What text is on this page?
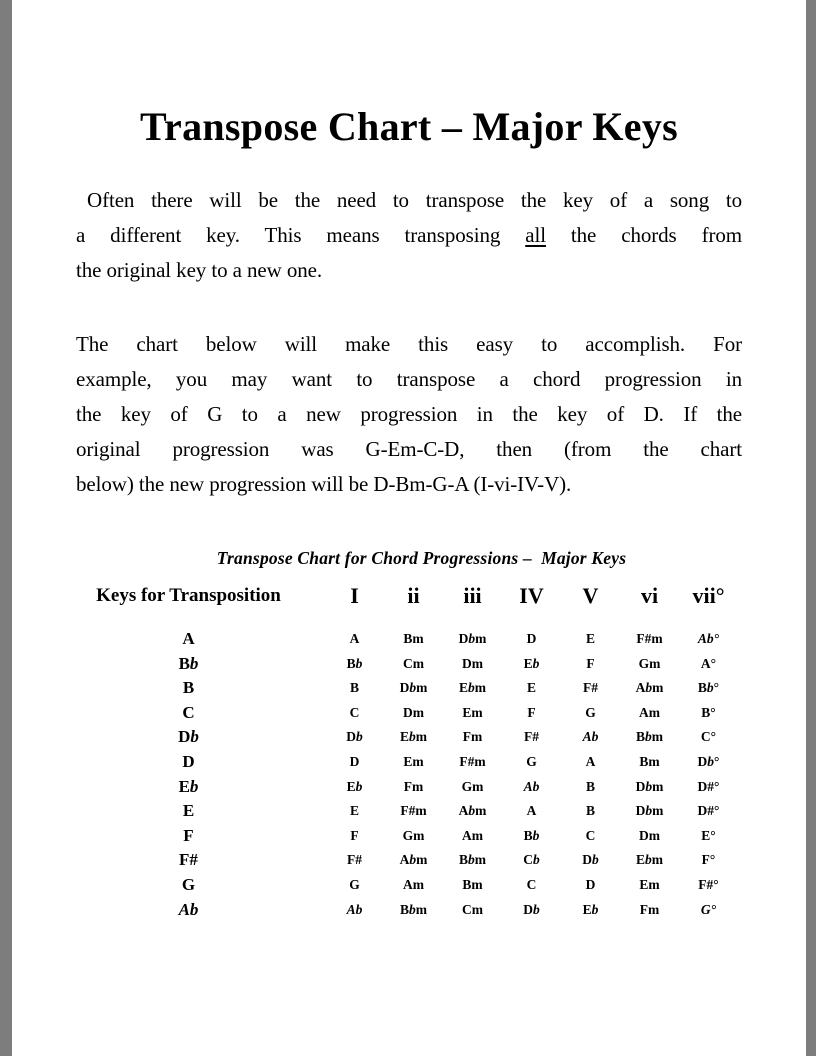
Transpose Chart – Major Keys
Often there will be the need to transpose the key of a song to
a different key. This means transposing all the chords from
the original key to a new one.
The chart below will make this easy to accomplish. For
example, you may want to transpose a chord progression in
the key of G to a new progression in the key of D. If the
original progression was G-Em-C-D, then (from the chart
below) the new progression will be D-Bm-G-A (I-vi-IV-V).
Transpose Chart for Chord Progressions –  Major Keys
Keys for Transposition	I	ii	iii	IV	V	vi	vii°
A	A	Bm	Dbm	D	E	F#m	Ab°
Bb	Bb	Cm	Dm	Eb	F	Gm	A°
B	B	Dbm	Ebm	E	F#	Abm	Bb°
C	C	Dm	Em	F	G	Am	B°
Db	Db	Ebm	Fm	F#	Ab	Bbm	C°
D	D	Em	F#m	G	A	Bm	Db°
Eb	Eb	Fm	Gm	Ab	B	Dbm	D#°
E	E	F#m	Abm	A	B	Dbm	D#°
F	F	Gm	Am	Bb	C	Dm	E°
F#	F#	Abm	Bbm	Cb	Db	Ebm	F°
G	G	Am	Bm	C	D	Em	F#°
Ab	Ab	Bbm	Cm	Db	Eb	Fm	G°
